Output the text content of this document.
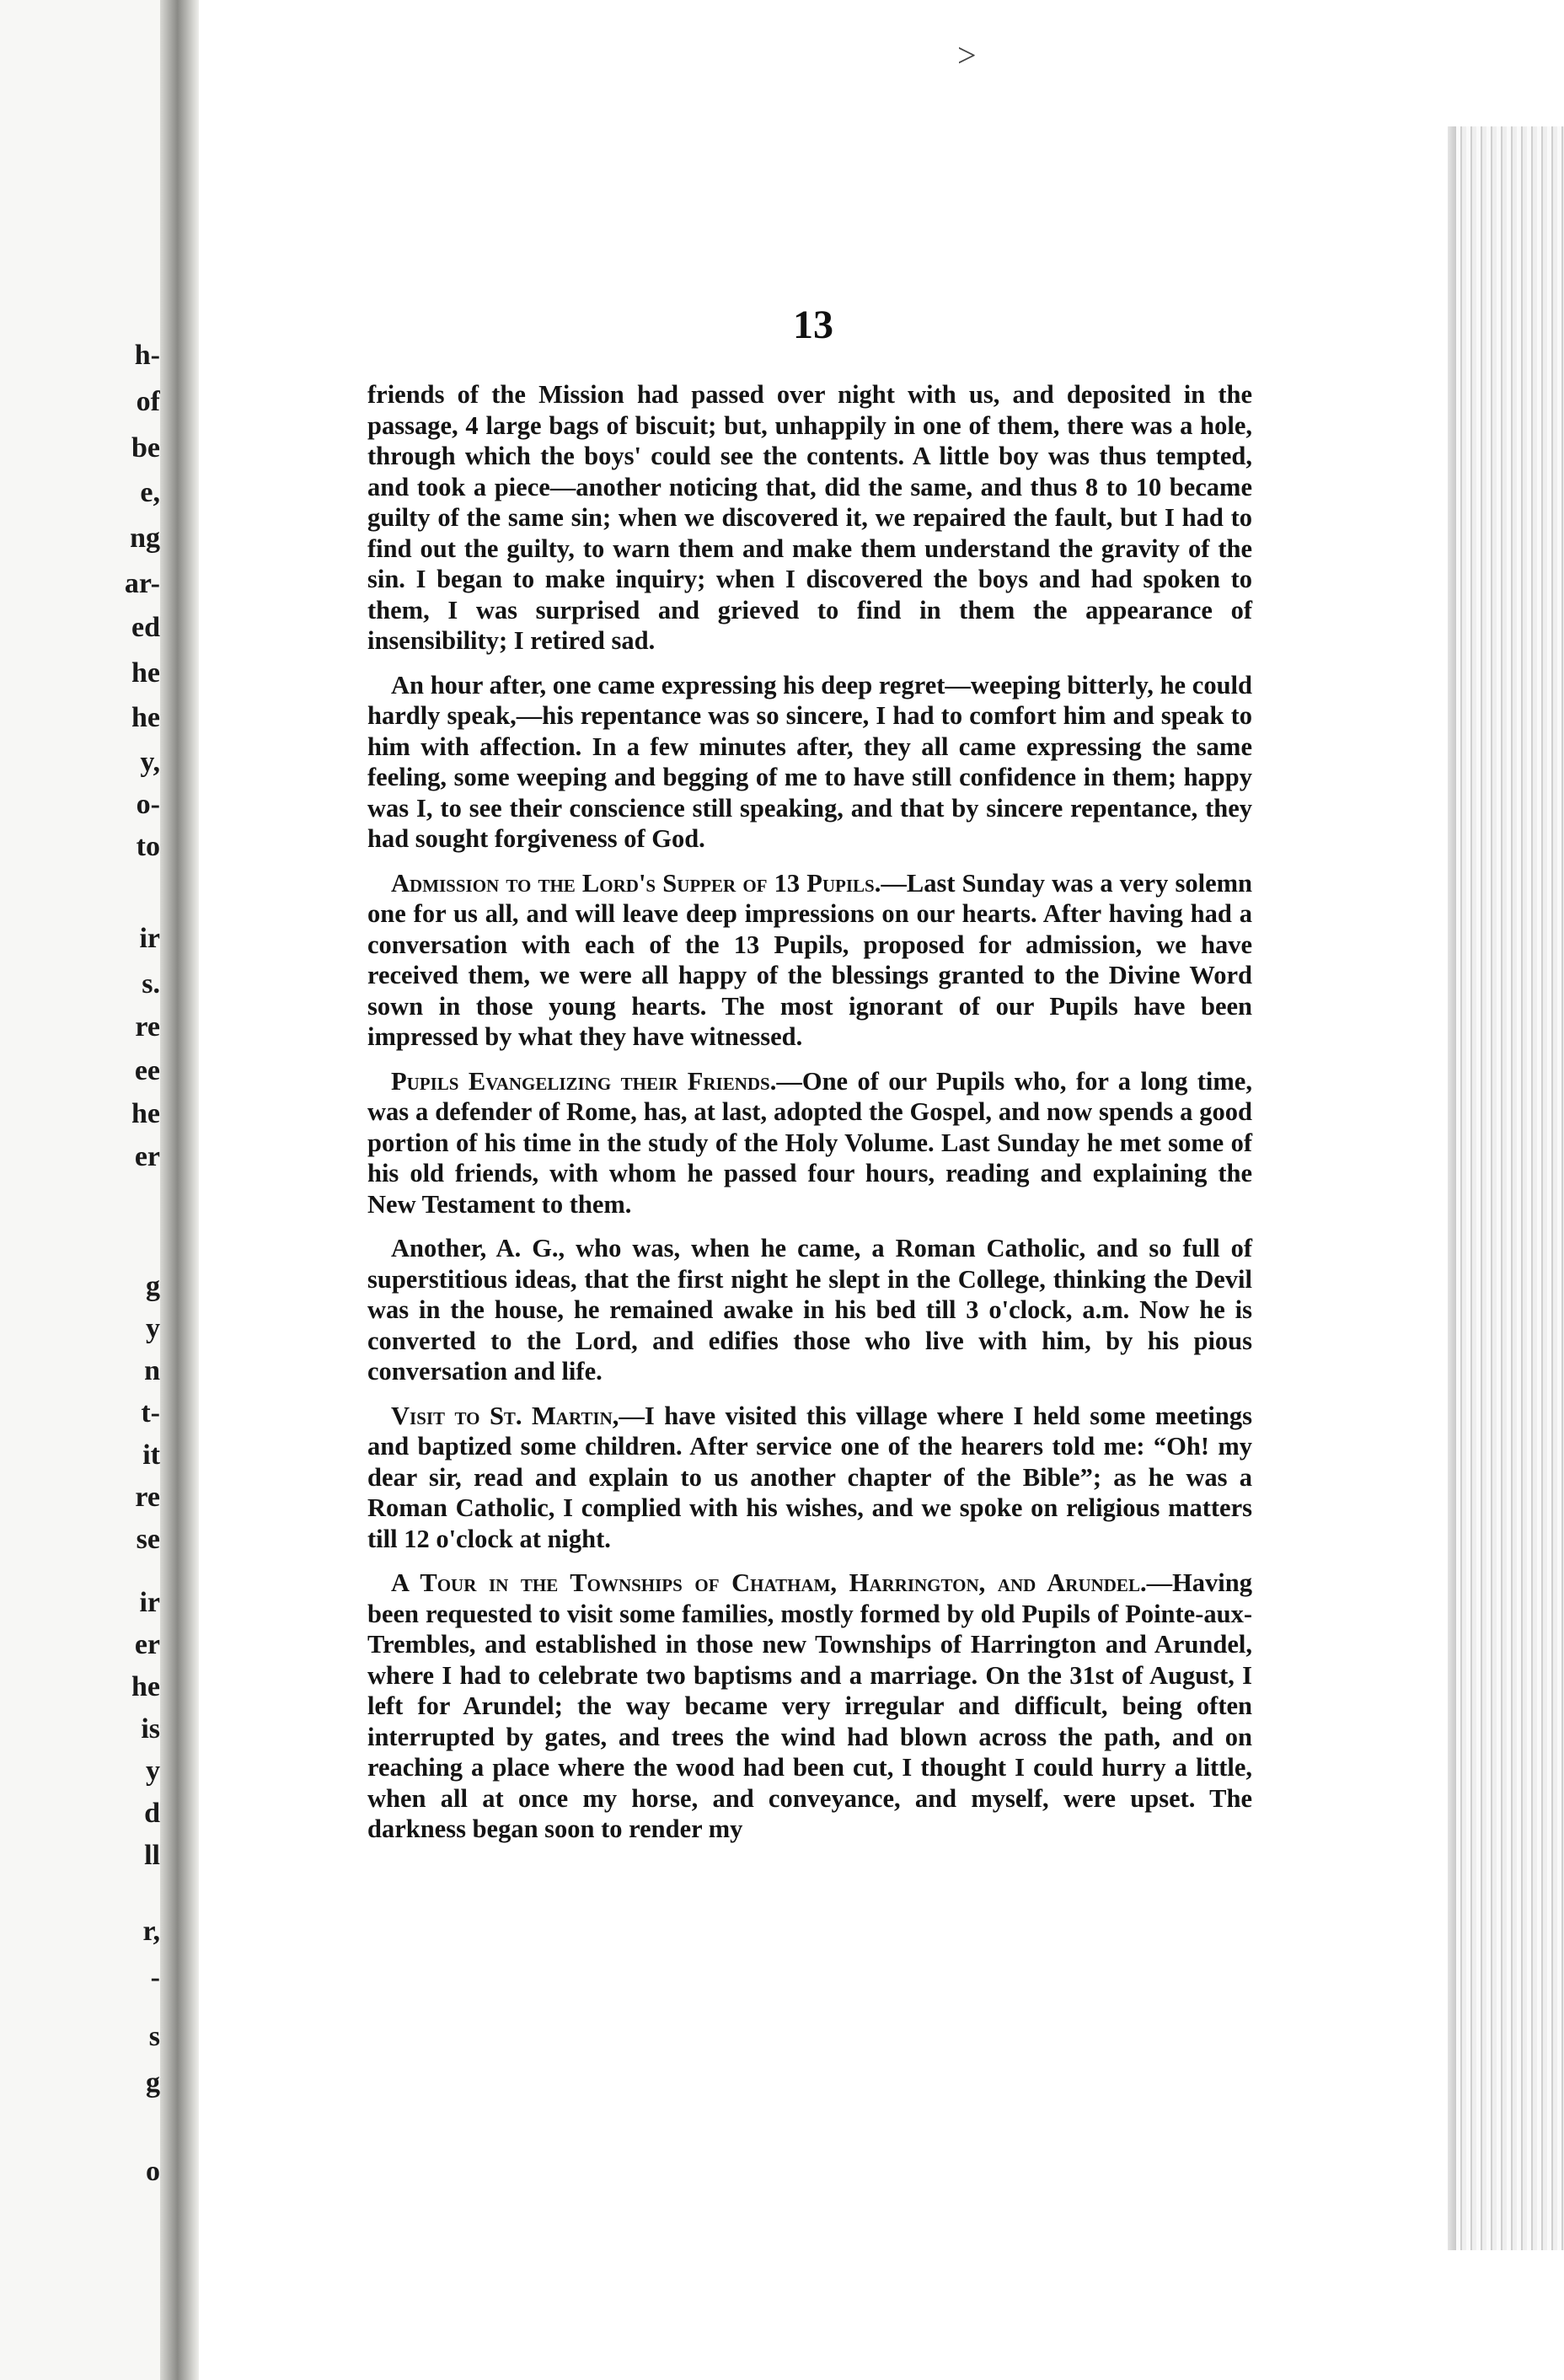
h-
of
be
e,
ng
ar-
ed
he
he
y,
o-
to
ir
s.
re
ee
he
er
g
y
n
t-
it
re
se
ir
er
he
is
y
d
ll
r,
-
s
g
o
>
13

friends of the Mission had passed over night with us, and deposited in the passage, 4 large bags of biscuit; but, unhappily in one of them, there was a hole, through which the boys' could see the contents. A little boy was thus tempted, and took a piece—another noticing that, did the same, and thus 8 to 10 became guilty of the same sin; when we discovered it, we repaired the fault, but I had to find out the guilty, to warn them and make them understand the gravity of the sin. I began to make inquiry; when I discovered the boys and had spoken to them, I was surprised and grieved to find in them the appearance of insensibility; I retired sad.

An hour after, one came expressing his deep regret—weeping bitterly, he could hardly speak,—his repentance was so sincere, I had to comfort him and speak to him with affection. In a few minutes after, they all came expressing the same feeling, some weeping and begging of me to have still confidence in them; happy was I, to see their conscience still speaking, and that by sincere repentance, they had sought forgiveness of God.

Admission to the Lord's Supper of 13 Pupils.—Last Sunday was a very solemn one for us all, and will leave deep impressions on our hearts. After having had a conversation with each of the 13 Pupils, proposed for admission, we have received them, we were all happy of the blessings granted to the Divine Word sown in those young hearts. The most ignorant of our Pupils have been impressed by what they have witnessed.

Pupils Evangelizing their Friends.—One of our Pupils who, for a long time, was a defender of Rome, has, at last, adopted the Gospel, and now spends a good portion of his time in the study of the Holy Volume. Last Sunday he met some of his old friends, with whom he passed four hours, reading and explaining the New Testament to them.

Another, A. G., who was, when he came, a Roman Catholic, and so full of superstitious ideas, that the first night he slept in the College, thinking the Devil was in the house, he remained awake in his bed till 3 o'clock, a.m. Now he is converted to the Lord, and edifies those who live with him, by his pious conversation and life.

Visit to St. Martin,—I have visited this village where I held some meetings and baptized some children. After service one of the hearers told me: “Oh! my dear sir, read and explain to us another chapter of the Bible”; as he was a Roman Catholic, I complied with his wishes, and we spoke on religious matters till 12 o'clock at night.

A Tour in the Townships of Chatham, Harrington, and Arundel.—Having been requested to visit some families, mostly formed by old Pupils of Pointe-aux-Trembles, and established in those new Townships of Harrington and Arundel, where I had to celebrate two baptisms and a marriage. On the 31st of August, I left for Arundel; the way became very irregular and difficult, being often interrupted by gates, and trees the wind had blown across the path, and on reaching a place where the wood had been cut, I thought I could hurry a little, when all at once my horse, and conveyance, and myself, were upset. The darkness began soon to render my
